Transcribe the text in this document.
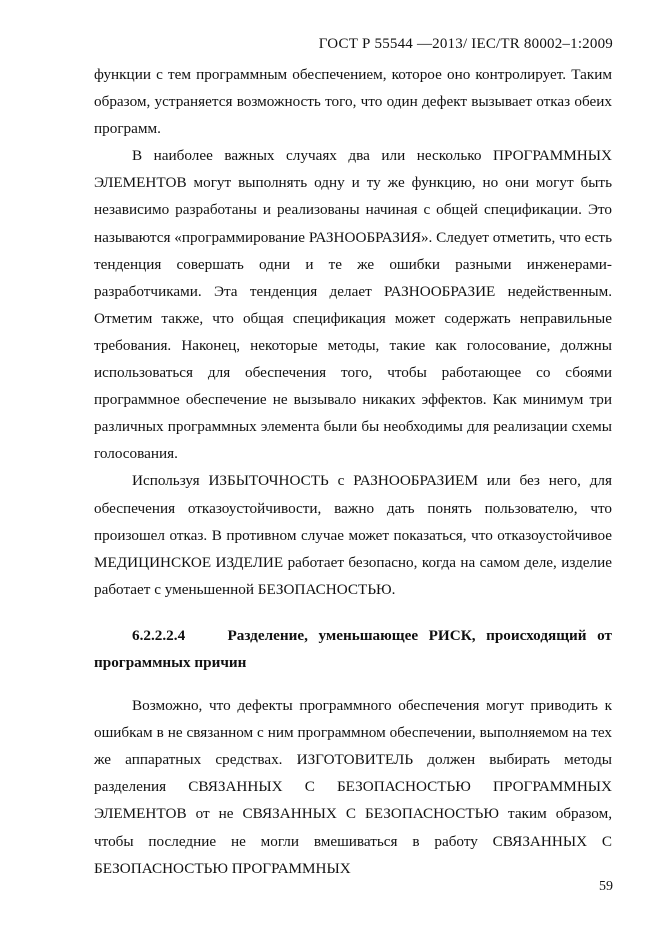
ГОСТ Р 55544 —2013/ IEC/TR 80002–1:2009

функции с тем программным обеспечением, которое оно контролирует. Таким образом, устраняется возможность того, что один дефект вызывает отказ обеих программ.

В наиболее важных случаях два или несколько ПРОГРАММНЫХ ЭЛЕМЕНТОВ могут выполнять одну и ту же функцию, но они могут быть независимо разработаны и реализованы начиная с общей спецификации. Это называются «программирование РАЗНООБРАЗИЯ». Следует отметить, что есть тенденция совершать одни и те же ошибки разными инженерами-разработчиками. Эта тенденция делает РАЗНООБРАЗИЕ недейственным. Отметим также, что общая спецификация может содержать неправильные требования. Наконец, некоторые методы, такие как голосование, должны использоваться для обеспечения того, чтобы работающее со сбоями программное обеспечение не вызывало никаких эффектов. Как минимум три различных программных элемента были бы необходимы для реализации схемы голосования.

Используя ИЗБЫТОЧНОСТЬ с РАЗНООБРАЗИЕМ или без него, для обеспечения отказоустойчивости, важно дать понять пользователю, что произошел отказ. В противном случае может показаться, что отказоустойчивое МЕДИЦИНСКОЕ ИЗДЕЛИЕ работает безопасно, когда на самом деле, изделие работает с уменьшенной БЕЗОПАСНОСТЬЮ.

6.2.2.2.4	Разделение, уменьшающее РИСК, происходящий от программных причин

Возможно, что дефекты программного обеспечения могут приводить к ошибкам в не связанном с ним программном обеспечении, выполняемом на тех же аппаратных средствах. ИЗГОТОВИТЕЛЬ должен выбирать методы разделения СВЯЗАННЫХ С БЕЗОПАСНОСТЬЮ ПРОГРАММНЫХ ЭЛЕМЕНТОВ от не СВЯЗАННЫХ С БЕЗОПАСНОСТЬЮ таким образом, чтобы последние не могли вмешиваться в работу СВЯЗАННЫХ С БЕЗОПАСНОСТЬЮ ПРОГРАММНЫХ

59
